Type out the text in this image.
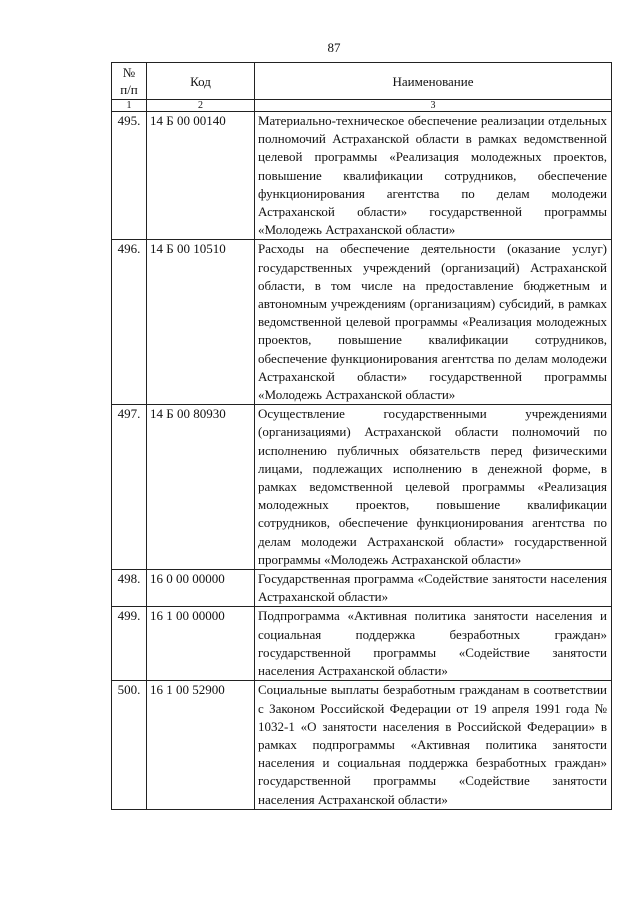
87
№
п/п	Код	Наименование
1	2	3
495.	14 Б 00 00140	Материально-техническое обеспечение реализации отдельных полномочий Астраханской области в рамках ведомственной целевой программы «Реализация молодежных проектов, повышение квалификации сотрудников, обеспечение функционирования агентства по делам молодежи Астраханской области» государственной программы «Молодежь Астраханской области»
496.	14 Б 00 10510	Расходы на обеспечение деятельности (оказание услуг) государственных учреждений (организаций) Астраханской области, в том числе на предоставление бюджетным и автономным учреждениям (организациям) субсидий, в рамках ведомственной целевой программы «Реализация молодежных проектов, повышение квалификации сотрудников, обеспечение функционирования агентства по делам молодежи Астраханской области» государственной программы «Молодежь Астраханской области»
497.	14 Б 00 80930	Осуществление государственными учреждениями (организациями) Астраханской области полномочий по исполнению публичных обязательств перед физическими лицами, подлежащих исполнению в денежной форме, в рамках ведомственной целевой программы «Реализация молодежных проектов, повышение квалификации сотрудников, обеспечение функционирования агентства по делам молодежи Астраханской области» государственной программы «Молодежь Астраханской области»
498.	16 0 00 00000	Государственная программа «Содействие занятости населения Астраханской области»
499.	16 1 00 00000	Подпрограмма «Активная политика занятости населения и социальная поддержка безработных граждан» государственной программы «Содействие занятости населения Астраханской области»
500.	16 1 00 52900	Социальные выплаты безработным гражданам в соответствии с Законом Российской Федерации от 19 апреля 1991 года № 1032-1 «О занятости населения в Российской Федерации» в рамках подпрограммы «Активная политика занятости населения и социальная поддержка безработных граждан» государственной программы «Содействие занятости населения Астраханской области»
